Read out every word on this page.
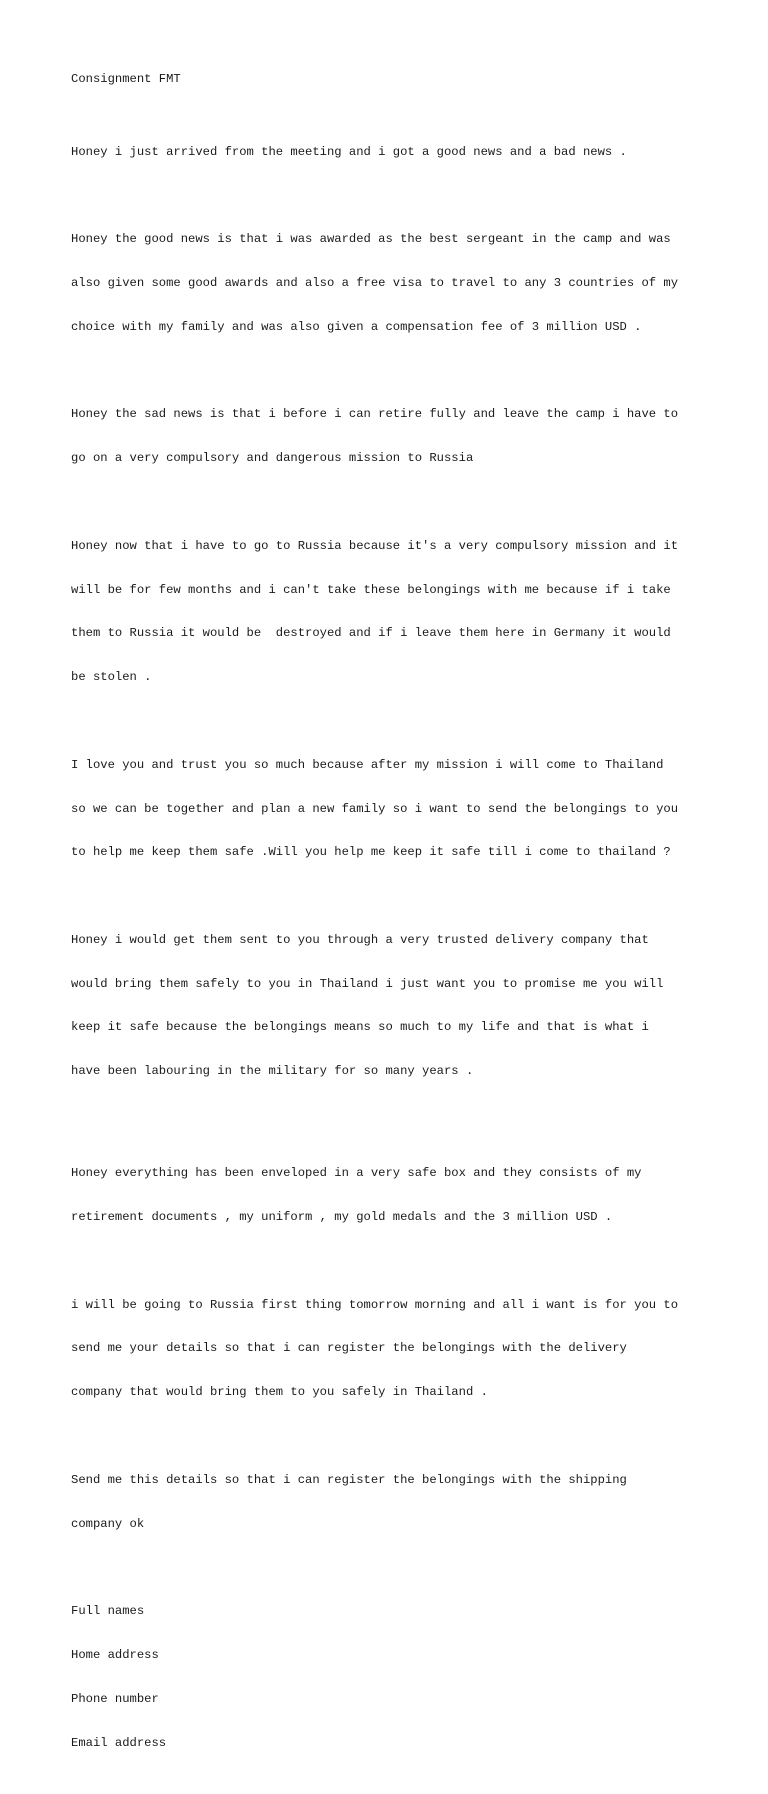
Consignment FMT

Honey i just arrived from the meeting and i got a good news and a bad news .

Honey the good news is that i was awarded as the best sergeant in the camp and was

also given some good awards and also a free visa to travel to any 3 countries of my

choice with my family and was also given a compensation fee of 3 million USD .

Honey the sad news is that i before i can retire fully and leave the camp i have to

go on a very compulsory and dangerous mission to Russia

Honey now that i have to go to Russia because it's a very compulsory mission and it

will be for few months and i can't take these belongings with me because if i take

them to Russia it would be  destroyed and if i leave them here in Germany it would

be stolen .

I love you and trust you so much because after my mission i will come to Thailand

so we can be together and plan a new family so i want to send the belongings to you

to help me keep them safe .Will you help me keep it safe till i come to thailand ?

Honey i would get them sent to you through a very trusted delivery company that

would bring them safely to you in Thailand i just want you to promise me you will

keep it safe because the belongings means so much to my life and that is what i

have been labouring in the military for so many years .

Honey everything has been enveloped in a very safe box and they consists of my

retirement documents , my uniform , my gold medals and the 3 million USD .

i will be going to Russia first thing tomorrow morning and all i want is for you to

send me your details so that i can register the belongings with the delivery

company that would bring them to you safely in Thailand .

Send me this details so that i can register the belongings with the shipping

company ok

Full names

Home address

Phone number

Email address
